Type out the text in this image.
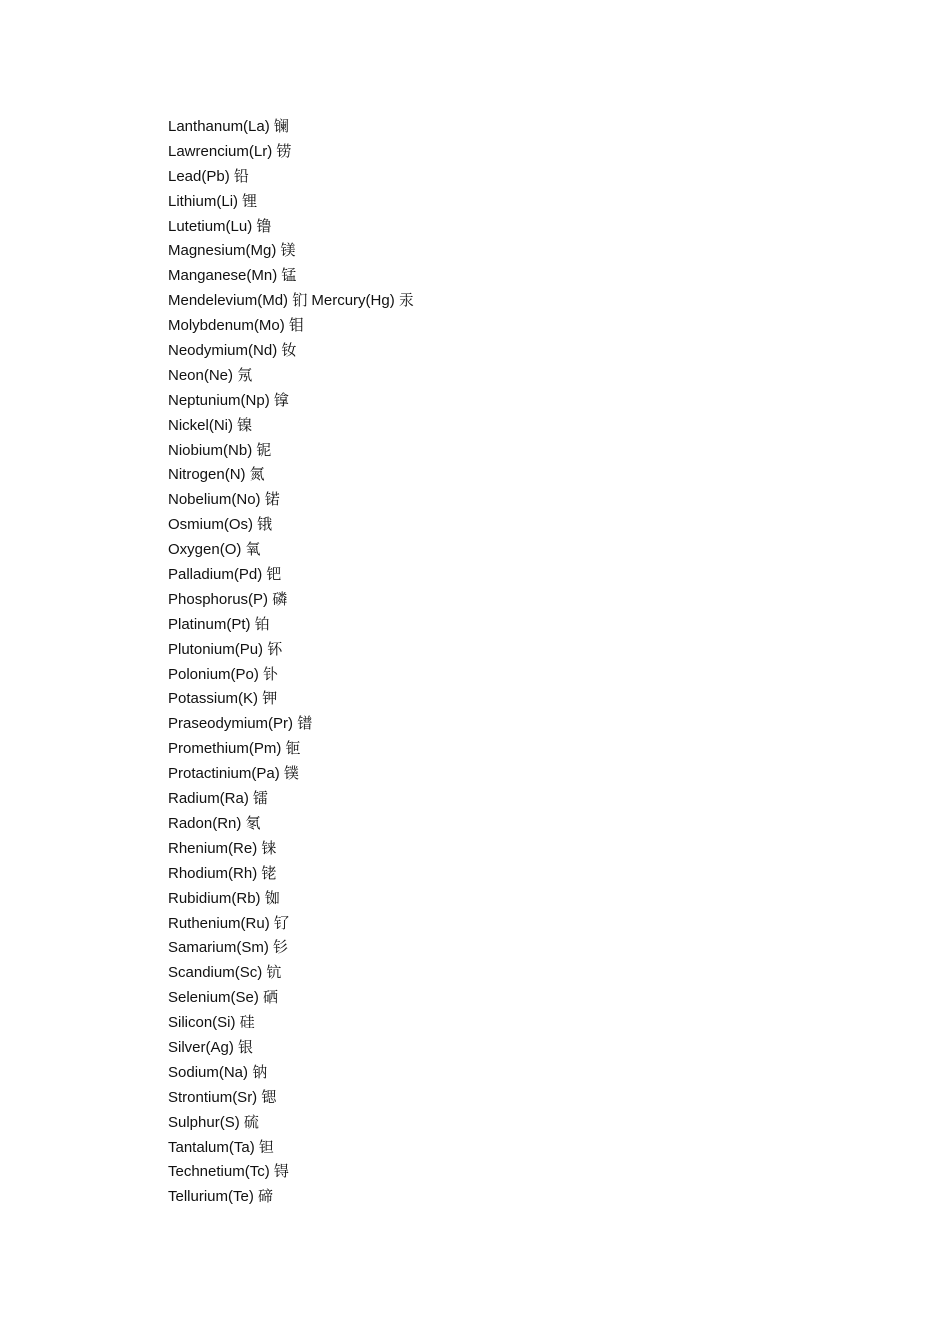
Lanthanum(La) 镧
Lawrencium(Lr) 铹
Lead(Pb) 铅
Lithium(Li) 锂
Lutetium(Lu) 镥
Magnesium(Mg) 镁
Manganese(Mn) 锰
Mendelevium(Md) 钔 Mercury(Hg) 汞
Molybdenum(Mo) 钼
Neodymium(Nd) 钕
Neon(Ne) 氖
Neptunium(Np) 镎
Nickel(Ni) 镍
Niobium(Nb) 铌
Nitrogen(N) 氮
Nobelium(No) 锘
Osmium(Os) 锇
Oxygen(O) 氧
Palladium(Pd) 钯
Phosphorus(P) 磷
Platinum(Pt) 铂
Plutonium(Pu) 钚
Polonium(Po) 钋
Potassium(K) 钾
Praseodymium(Pr) 镨
Promethium(Pm) 钷
Protactinium(Pa) 镤
Radium(Ra) 镭
Radon(Rn) 氡
Rhenium(Re) 铼
Rhodium(Rh) 铑
Rubidium(Rb) 铷
Ruthenium(Ru) 钌
Samarium(Sm) 钐
Scandium(Sc) 钪
Selenium(Se) 硒
Silicon(Si) 硅
Silver(Ag) 银
Sodium(Na) 钠
Strontium(Sr) 锶
Sulphur(S) 硫
Tantalum(Ta) 钽
Technetium(Tc) 锝
Tellurium(Te) 碲
